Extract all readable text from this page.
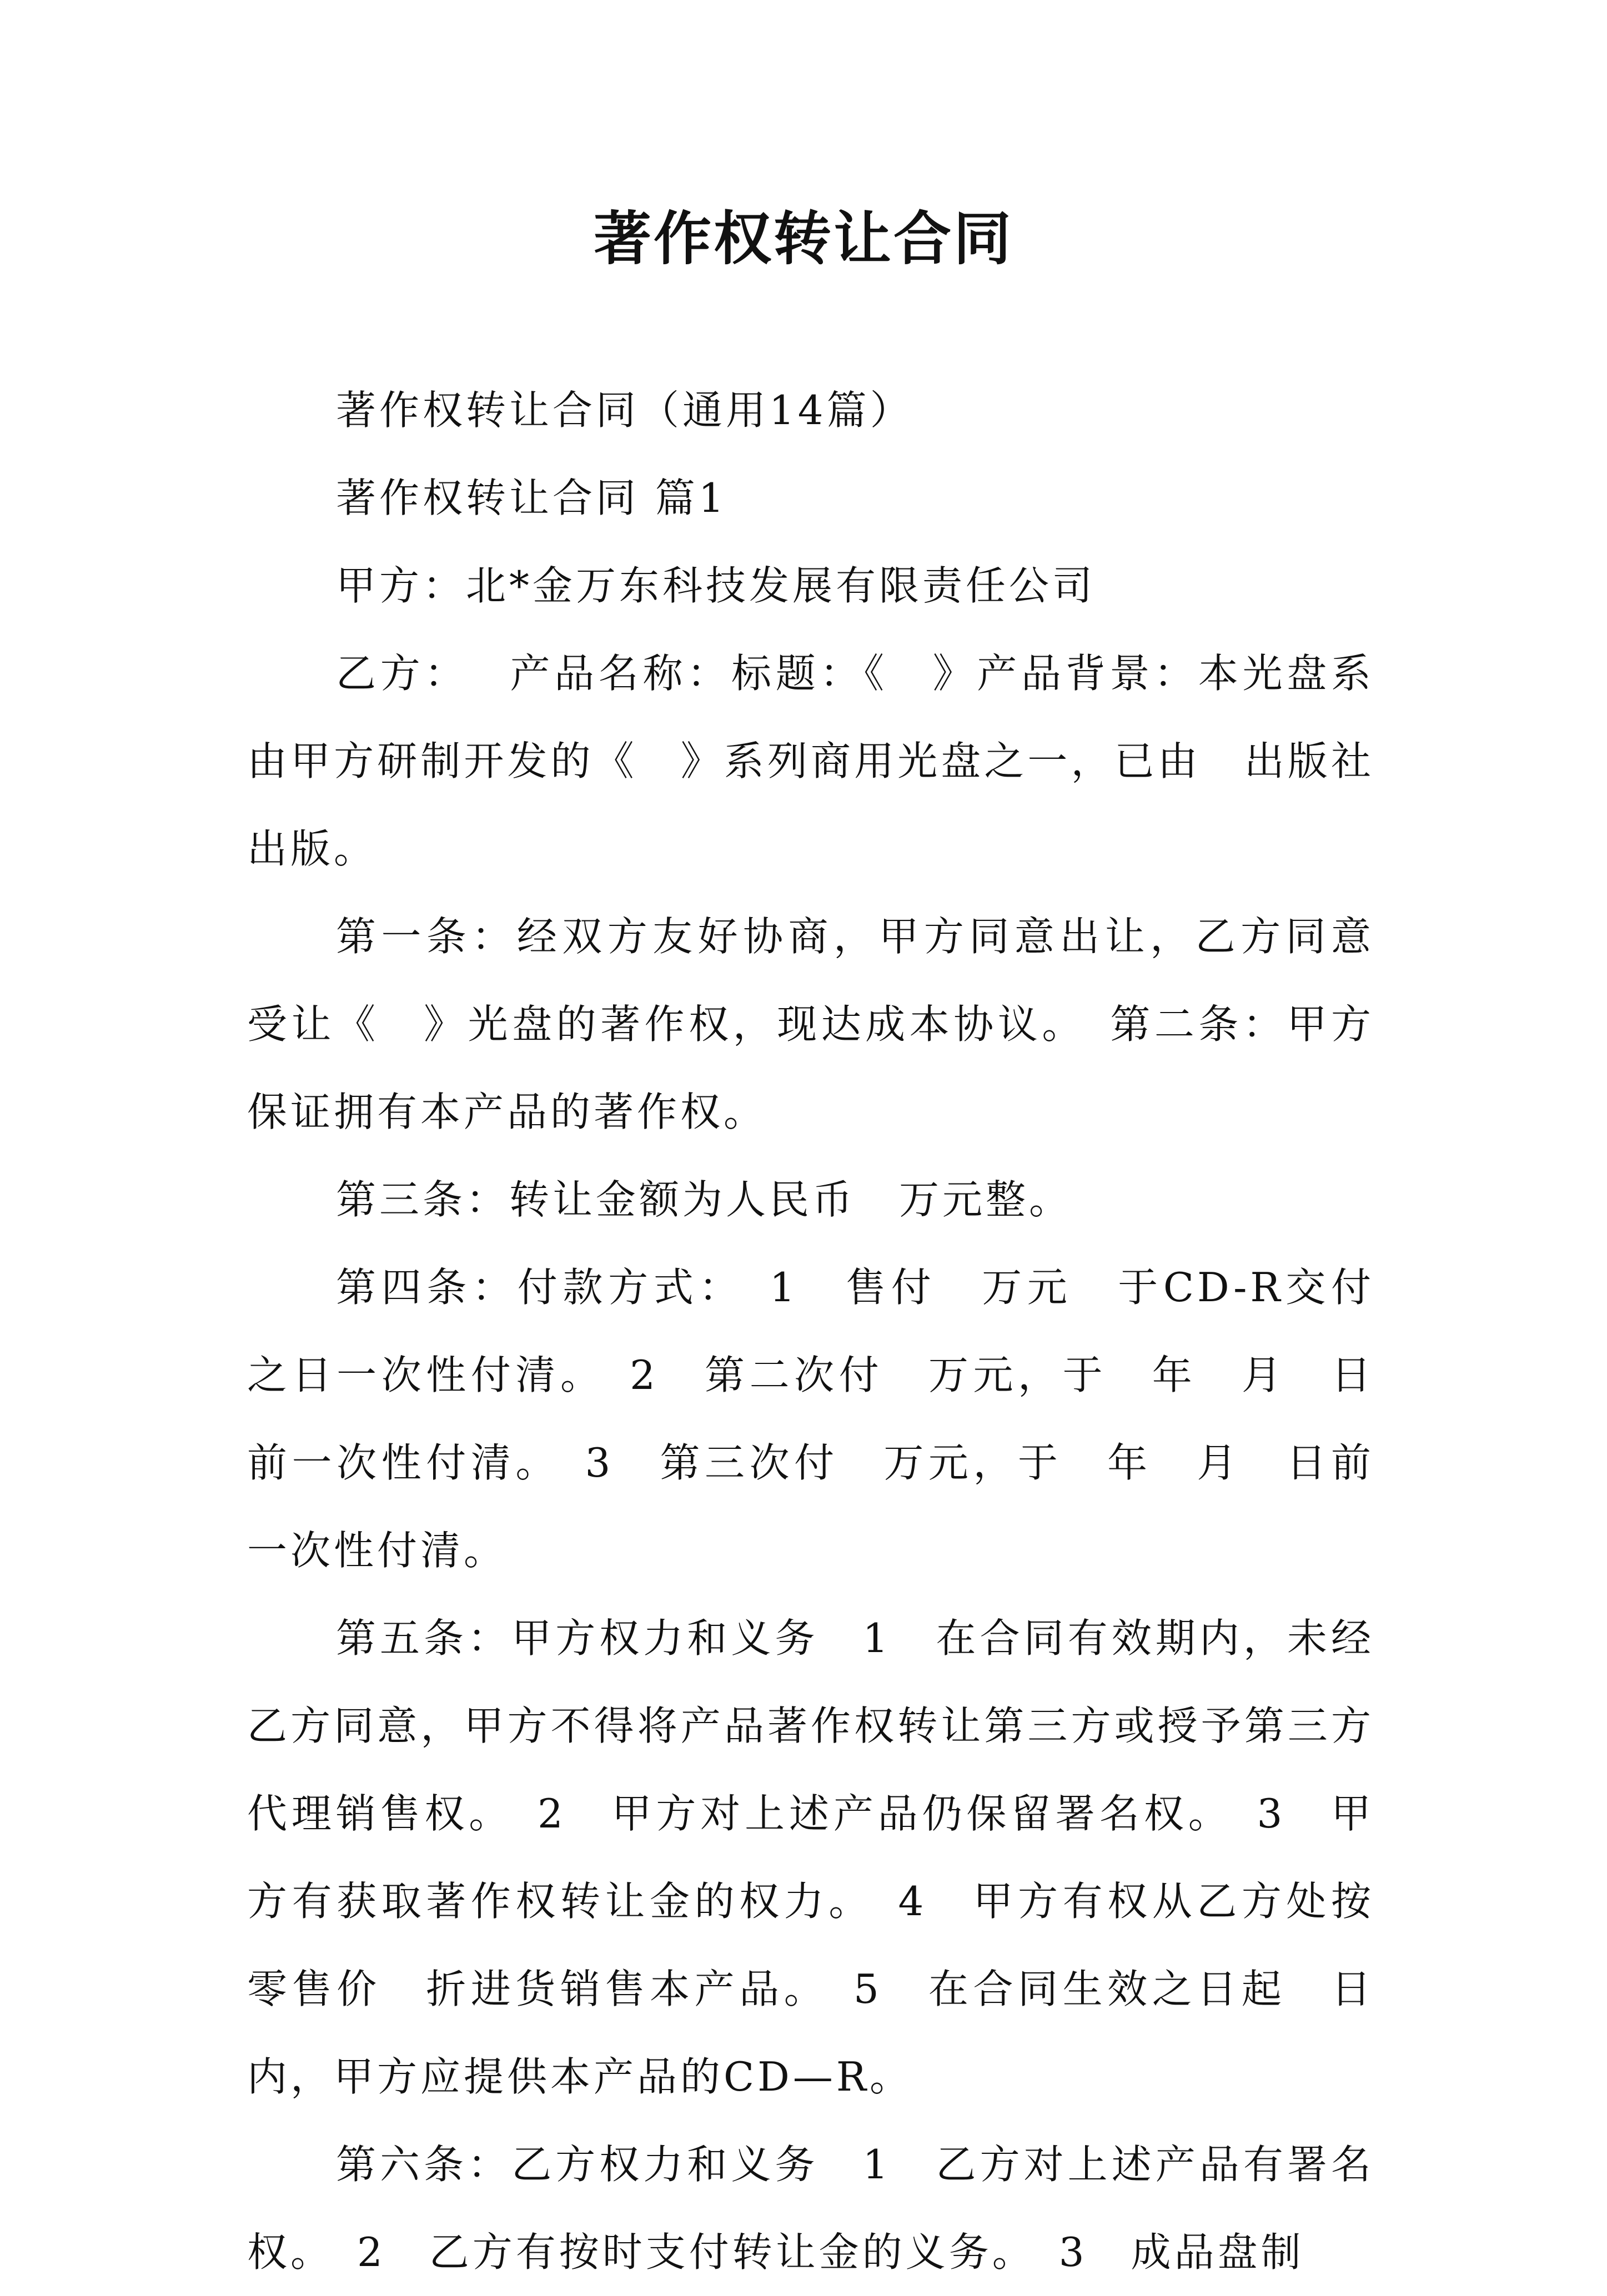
著作权转让合同

著作权转让合同（通用14篇）

著作权转让合同 篇1

甲方：北*金万东科技发展有限责任公司

乙方：　 产品名称：标题：《　》产品背景：本光盘系由甲方研制开发的《　》系列商用光盘之一，已由　出版社出版。

第一条：经双方友好协商，甲方同意出让，乙方同意受让《　》光盘的著作权，现达成本协议。　第二条：甲方保证拥有本产品的著作权。

第三条：转让金额为人民币　万元整。

第四条：付款方式：　1　售付　万元　于CD-R交付之日一次性付清。　2　第二次付　万元，于　年　月　日前一次性付清。　3　第三次付　万元，于　年　月　日前一次性付清。

第五条：甲方权力和义务　1　在合同有效期内，未经乙方同意，甲方不得将产品著作权转让第三方或授予第三方代理销售权。　2　甲方对上述产品仍保留署名权。　3　甲方有获取著作权转让金的权力。　4　甲方有权从乙方处按零售价　折进货销售本产品。　5　在合同生效之日起　日内，甲方应提供本产品的CD—R。

第六条：乙方权力和义务　1　乙方对上述产品有署名权。　2　乙方有按时支付转让金的义务。　3　成品盘制
